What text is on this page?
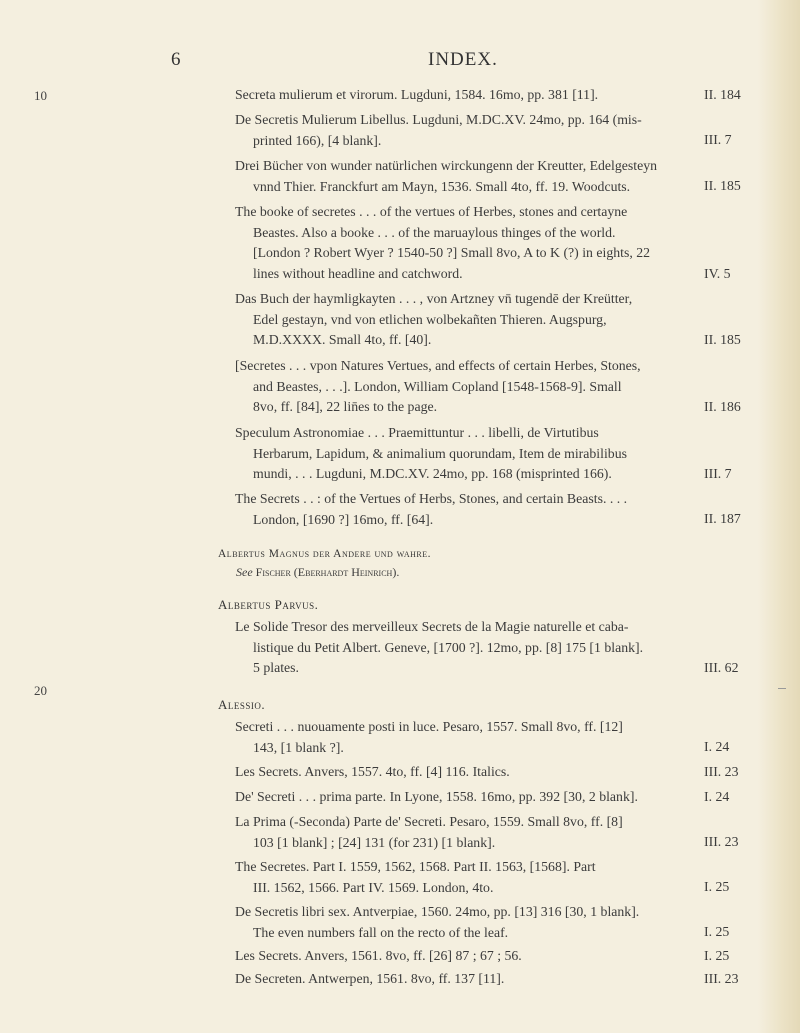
6	INDEX.
10
20
Secreta mulierum et virorum. Lugduni, 1584. 16mo, pp. 381 [11].	II. 184
De Secretis Mulierum Libellus. Lugduni, M.DC.XV. 24mo, pp. 164 (mis-
printed 166), [4 blank].	III. 7
Drei Bücher von wunder natürlichen wirckungenn der Kreutter, Edelgesteyn
vnnd Thier. Franckfurt am Mayn, 1536. Small 4to, ff. 19. Woodcuts.	II. 185
The booke of secretes . . . of the vertues of Herbes, stones and certayne
Beastes. Also a booke . . . of the maruaylous thinges of the world.
[London ? Robert Wyer ? 1540-50 ?] Small 8vo, A to K (?) in eights, 22
lines without headline and catchword.	IV. 5
Das Buch der haymligkayten . . . , von Artzney vn̄ tugendē der Kreütter,
Edel gestayn, vnd von etlichen wolbekañten Thieren. Augspurg,
M.D.XXXX. Small 4to, ff. [40].	II. 185
[Secretes . . . vpon Natures Vertues, and effects of certain Herbes, Stones,
and Beastes, . . .]. London, William Copland [1548-1568-9]. Small
8vo, ff. [84], 22 lin̄es to the page.	II. 186
Speculum Astronomiae . . . Praemittuntur . . . libelli, de Virtutibus
Herbarum, Lapidum, & animalium quorundam, Item de mirabilibus
mundi, . . . Lugduni, M.DC.XV. 24mo, pp. 168 (misprinted 166).	III. 7
The Secrets . . : of the Vertues of Herbs, Stones, and certain Beasts. . . .
London, [1690 ?] 16mo, ff. [64].	II. 187
Albertus Magnus der Andere und wahre.
See Fischer (Eberhardt Heinrich).
Albertus Parvus.
Le Solide Tresor des merveilleux Secrets de la Magie naturelle et caba-
listique du Petit Albert. Geneve, [1700 ?]. 12mo, pp. [8] 175 [1 blank].
5 plates.	III. 62
Alessio.
Secreti . . . nuouamente posti in luce. Pesaro, 1557. Small 8vo, ff. [12]
143, [1 blank ?].	I. 24
Les Secrets. Anvers, 1557. 4to, ff. [4] 116. Italics.	III. 23
De' Secreti . . . prima parte. In Lyone, 1558. 16mo, pp. 392 [30, 2 blank].	I. 24
La Prima (-Seconda) Parte de' Secreti. Pesaro, 1559. Small 8vo, ff. [8]
103 [1 blank] ; [24] 131 (for 231) [1 blank].	III. 23
The Secretes. Part I. 1559, 1562, 1568. Part II. 1563, [1568]. Part
III. 1562, 1566. Part IV. 1569. London, 4to.	I. 25
De Secretis libri sex. Antverpiae, 1560. 24mo, pp. [13] 316 [30, 1 blank].
The even numbers fall on the recto of the leaf.	I. 25
Les Secrets. Anvers, 1561. 8vo, ff. [26] 87 ; 67 ; 56.	I. 25
De Secreten. Antwerpen, 1561. 8vo, ff. 137 [11].	III. 23
